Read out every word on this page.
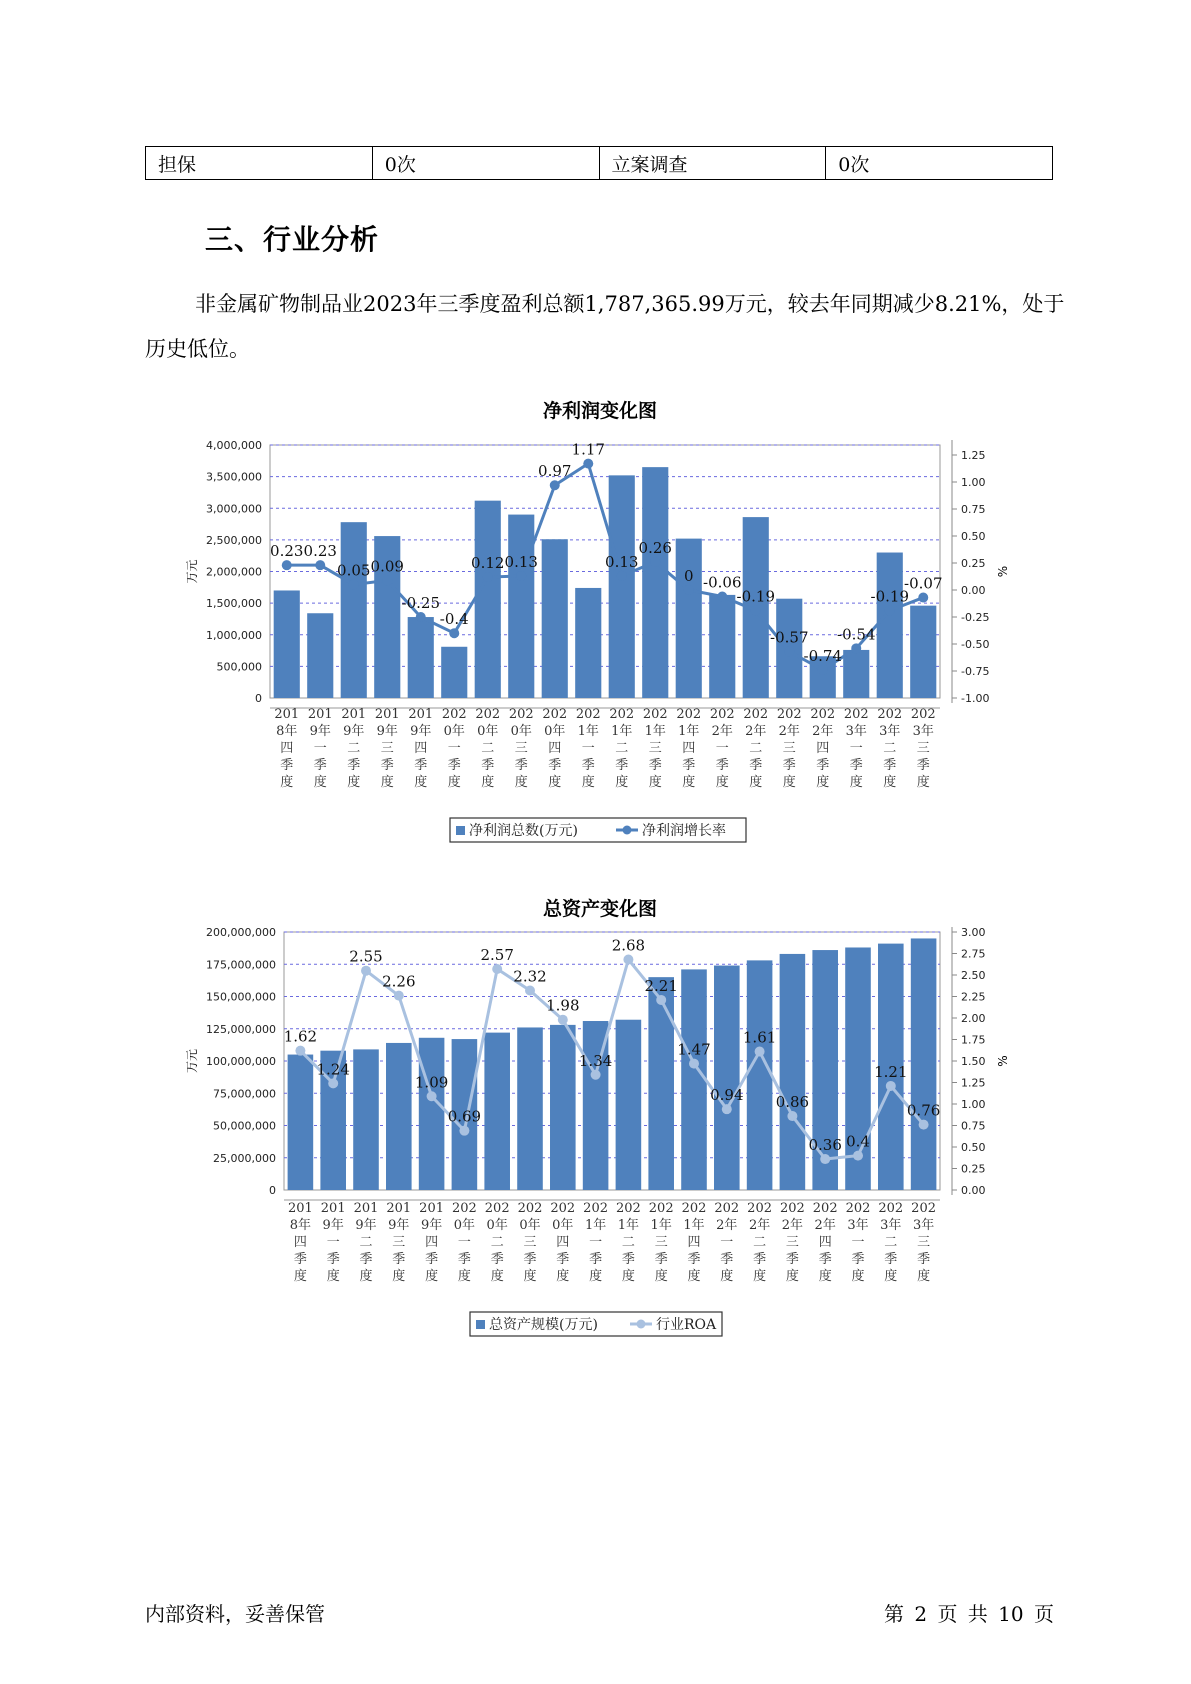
担保	0次	立案调查	0次
三、行业分析

非金属矿物制品业2023年三季度盈利总额1,787,365.99万元，较去年同期减少8.21%，处于历史低位。

净利润变化图
0
500,000
1,000,000
1,500,000
2,000,000
2,500,000
3,000,000
3,500,000
4,000,000
-1.00
-0.75
-0.50
-0.25
0.00
0.25
0.50
0.75
1.00
1.25
万元	%
0.23 0.23
0.05 0.09
-0.25
-0.4
0.12 0.13
0.97
1.17
0.13
0.26
0 -0.06
-0.19
-0.57
-0.74
-0.54
-0.19
-0.07
201 8年四季度
201 9年一季度
201 9年二季度
201 9年三季度
201 9年四季度
202 0年一季度
202 0年二季度
202 0年三季度
202 0年四季度
202 1年一季度
202 1年二季度
202 1年三季度
202 1年四季度
202 2年一季度
202 2年二季度
202 2年三季度
202 2年四季度
202 3年一季度
202 3年二季度
202 3年三季度
净利润总数(万元)	净利润增长率
总资产变化图
0
25,000,000
50,000,000
75,000,000
100,000,000
125,000,000
150,000,000
175,000,000
200,000,000
0.00
0.25
0.50
0.75
1.00
1.25
1.50
1.75
2.00
2.25
2.50
2.75
3.00
万元	%
1.62
1.24
2.55
2.26
1.09
0.69
2.57
2.32
1.98
1.34
2.68
2.21
1.47
0.94
1.61
0.86
0.36 0.4
1.21
0.76
201 8年四季度
201 9年一季度
201 9年二季度
201 9年三季度
201 9年四季度
202 0年一季度
202 0年二季度
202 0年三季度
202 0年四季度
202 1年一季度
202 1年二季度
202 1年三季度
202 1年四季度
202 2年一季度
202 2年二季度
202 2年三季度
202 2年四季度
202 3年一季度
202 3年二季度
202 3年三季度
总资产规模(万元)	行业ROA
内部资料，妥善保管	第 2 页 共 10 页
